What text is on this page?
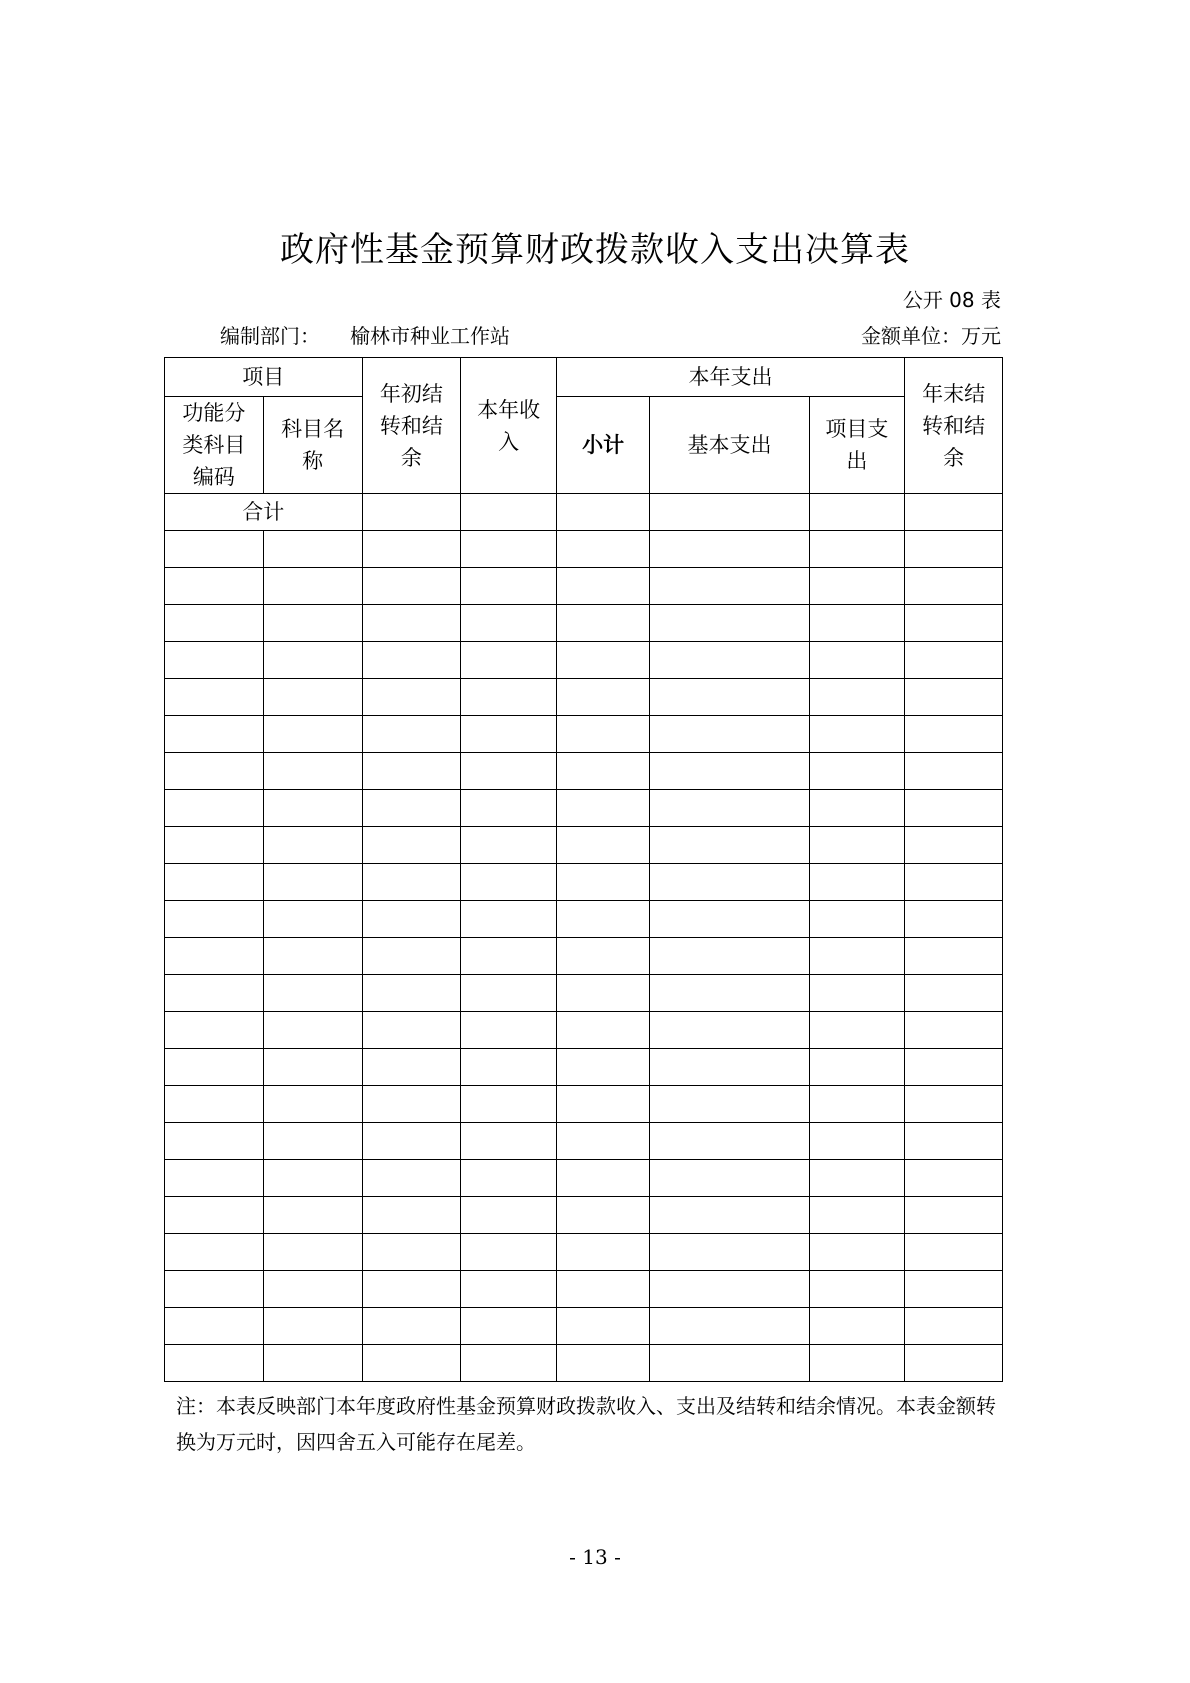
政府性基金预算财政拨款收入支出决算表
公开 08 表
编制部门： 榆林市种业工作站	金额单位：万元
项目		年初结转和结余	本年收入	本年支出			年末结转和结余

功能分类科目编码	科目名称			小计	基本支出	项目支出	

合计							

注：本表反映部门本年度政府性基金预算财政拨款收入、支出及结转和结余情况。本表金额转换为万元时，因四舍五入可能存在尾差。
- 13 -
